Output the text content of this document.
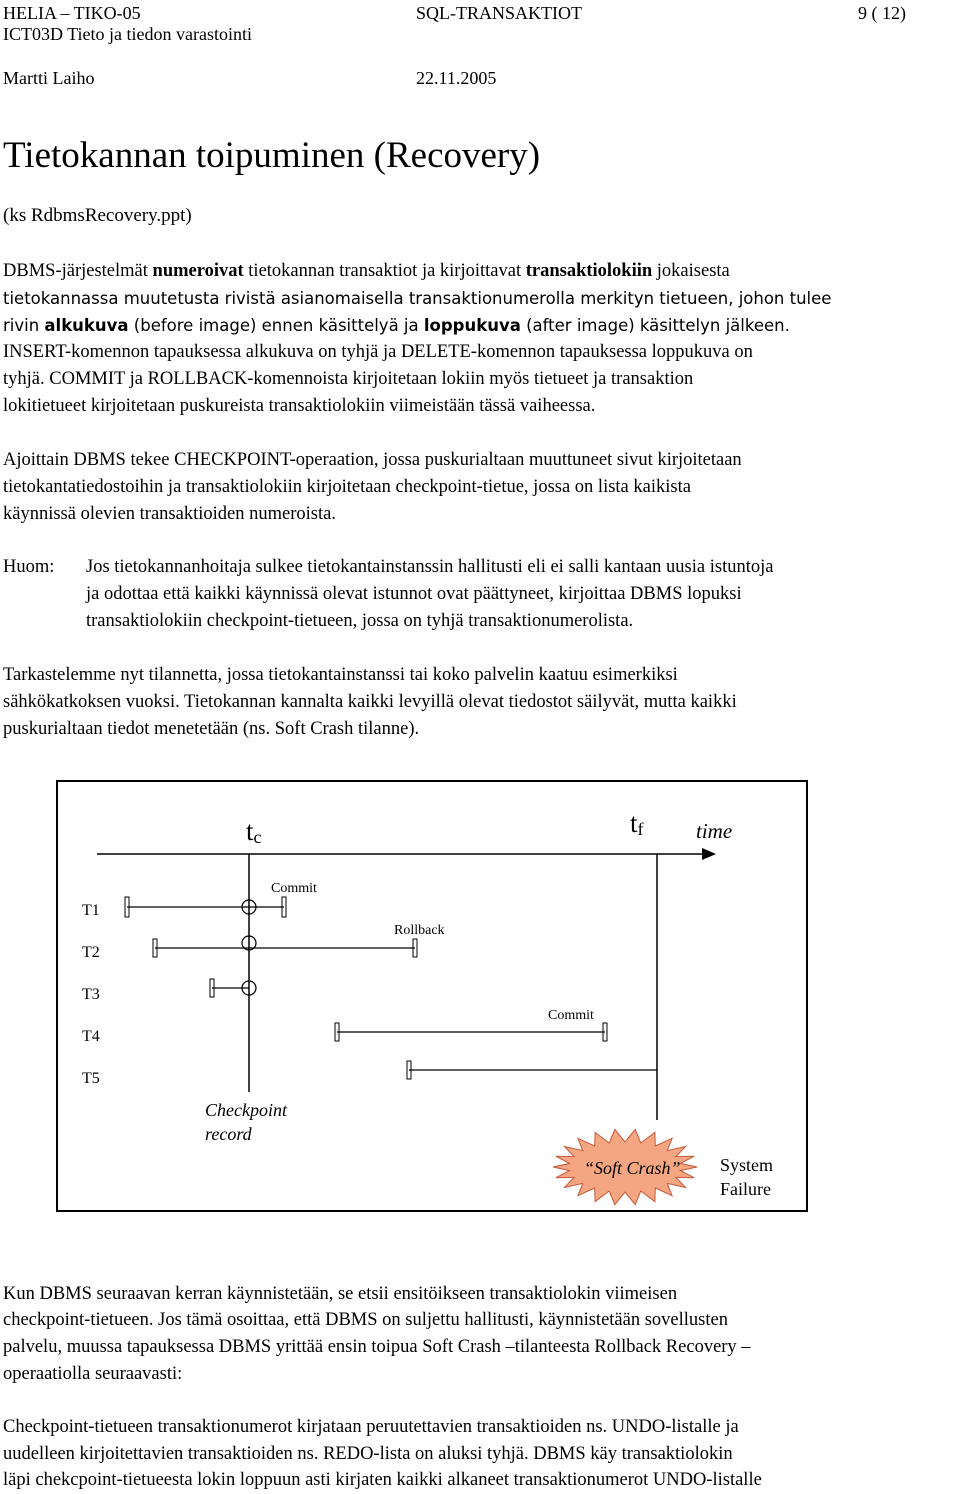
HELIA – TIKO-05
ICT03D Tieto ja tiedon varastointi
SQL-TRANSAKTIOT	9 ( 12)
Martti Laiho	22.11.2005
Tietokannan toipuminen (Recovery)
(ks RdbmsRecovery.ppt)
DBMS-järjestelmät numeroivat tietokannan transaktiot ja kirjoittavat transaktiolokiin jokaisesta
tietokannassa muutetusta rivistä asianomaisella transaktionumerolla merkityn tietueen, johon tulee
rivin alkukuva (before image) ennen käsittelyä ja loppukuva (after image) käsittelyn jälkeen.
INSERT-komennon tapauksessa alkukuva on tyhjä ja DELETE-komennon tapauksessa loppukuva on
tyhjä. COMMIT ja ROLLBACK-komennoista kirjoitetaan lokiin myös tietueet ja transaktion
lokitietueet kirjoitetaan puskureista transaktiolokiin viimeistään tässä vaiheessa.
Ajoittain DBMS tekee CHECKPOINT-operaation, jossa puskurialtaan muuttuneet sivut kirjoitetaan
tietokantatiedostoihin ja transaktiolokiin kirjoitetaan checkpoint-tietue, jossa on lista kaikista
käynnissä olevien transaktioiden numeroista.
Huom: Jos tietokannanhoitaja sulkee tietokantainstanssin hallitusti eli ei salli kantaan uusia istuntoja
ja odottaa että kaikki käynnissä olevat istunnot ovat päättyneet, kirjoittaa DBMS lopuksi
transaktiolokiin checkpoint-tietueen, jossa on tyhjä transaktionumerolista.
Tarkastelemme nyt tilannetta, jossa tietokantainstanssi tai koko palvelin kaatuu esimerkiksi
sähkökatkoksen vuoksi. Tietokannan kannalta kaikki levyillä olevat tiedostot säilyvät, mutta kaikki
puskurialtaan tiedot menetetään (ns. Soft Crash tilanne).
tc	tf time
T1
T2
T3
T4
T5
Commit
Rollback
Commit
Checkpoint
record
“Soft Crash” System
Failure
Kun DBMS seuraavan kerran käynnistetään, se etsii ensitöikseen transaktiolokin viimeisen
checkpoint-tietueen. Jos tämä osoittaa, että DBMS on suljettu hallitusti, käynnistetään sovellusten
palvelu, muussa tapauksessa DBMS yrittää ensin toipua Soft Crash –tilanteesta Rollback Recovery –
operaatiolla seuraavasti:
Checkpoint-tietueen transaktionumerot kirjataan peruutettavien transaktioiden ns. UNDO-listalle ja
uudelleen kirjoitettavien transaktioiden ns. REDO-lista on aluksi tyhjä. DBMS käy transaktiolokin
läpi chekcpoint-tietueesta lokin loppuun asti kirjaten kaikki alkaneet transaktionumerot UNDO-listalle
